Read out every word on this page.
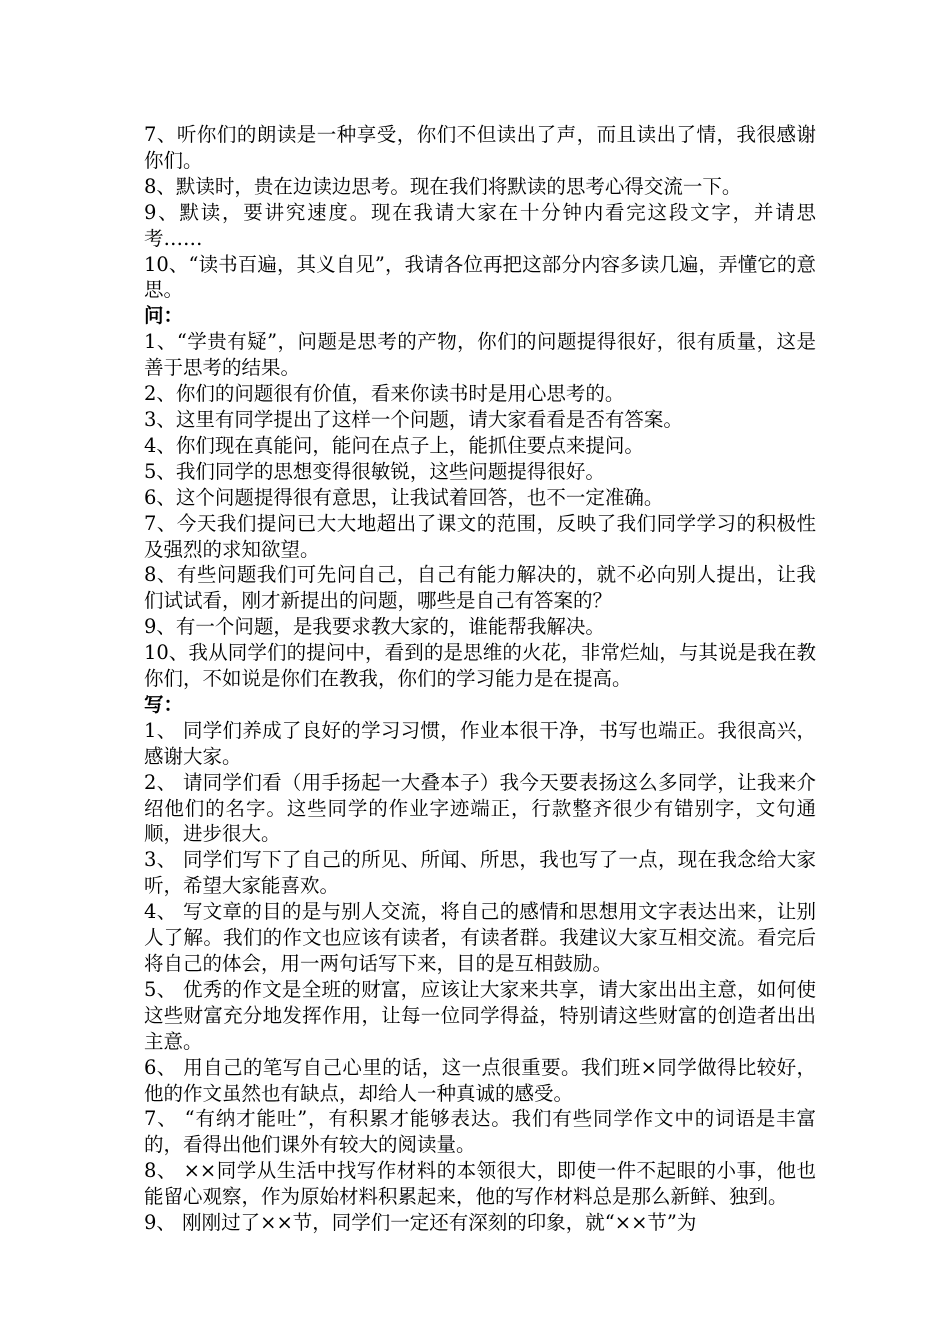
7、听你们的朗读是一种享受，你们不但读出了声，而且读出了情，我很感谢你们。

8、默读时，贵在边读边思考。现在我们将默读的思考心得交流一下。

9、默读，要讲究速度。现在我请大家在十分钟内看完这段文字，并请思考……

10、“读书百遍，其义自见”，我请各位再把这部分内容多读几遍，弄懂它的意思。

问：

1、“学贵有疑”，问题是思考的产物，你们的问题提得很好，很有质量，这是善于思考的结果。

2、你们的问题很有价值，看来你读书时是用心思考的。

3、这里有同学提出了这样一个问题，请大家看看是否有答案。

4、你们现在真能问，能问在点子上，能抓住要点来提问。

5、我们同学的思想变得很敏锐，这些问题提得很好。

6、这个问题提得很有意思，让我试着回答，也不一定准确。

7、今天我们提问已大大地超出了课文的范围，反映了我们同学学习的积极性及强烈的求知欲望。

8、有些问题我们可先问自己，自己有能力解决的，就不必向别人提出，让我们试试看，刚才新提出的问题，哪些是自己有答案的？

9、有一个问题，是我要求教大家的，谁能帮我解决。

10、我从同学们的提问中，看到的是思维的火花，非常烂灿，与其说是我在教你们，不如说是你们在教我，你们的学习能力是在提高。

写：

1、 同学们养成了良好的学习习惯，作业本很干净，书写也端正。我很高兴，感谢大家。

2、 请同学们看（用手扬起一大叠本子）我今天要表扬这么多同学，让我来介绍他们的名字。这些同学的作业字迹端正，行款整齐很少有错别字，文句通顺，进步很大。

3、 同学们写下了自己的所见、所闻、所思，我也写了一点，现在我念给大家听，希望大家能喜欢。

4、 写文章的目的是与别人交流，将自己的感情和思想用文字表达出来，让别人了解。我们的作文也应该有读者，有读者群。我建议大家互相交流。看完后将自己的体会，用一两句话写下来，目的是互相鼓励。

5、 优秀的作文是全班的财富，应该让大家来共享，请大家出出主意，如何使这些财富充分地发挥作用，让每一位同学得益，特别请这些财富的创造者出出主意。

6、 用自己的笔写自己心里的话，这一点很重要。我们班×同学做得比较好，他的作文虽然也有缺点，却给人一种真诚的感受。

7、 “有纳才能吐”，有积累才能够表达。我们有些同学作文中的词语是丰富的，看得出他们课外有较大的阅读量。

8、 ××同学从生活中找写作材料的本领很大，即使一件不起眼的小事，他也能留心观察，作为原始材料积累起来，他的写作材料总是那么新鲜、独到。

9、 刚刚过了××节，同学们一定还有深刻的印象，就“××节”为
